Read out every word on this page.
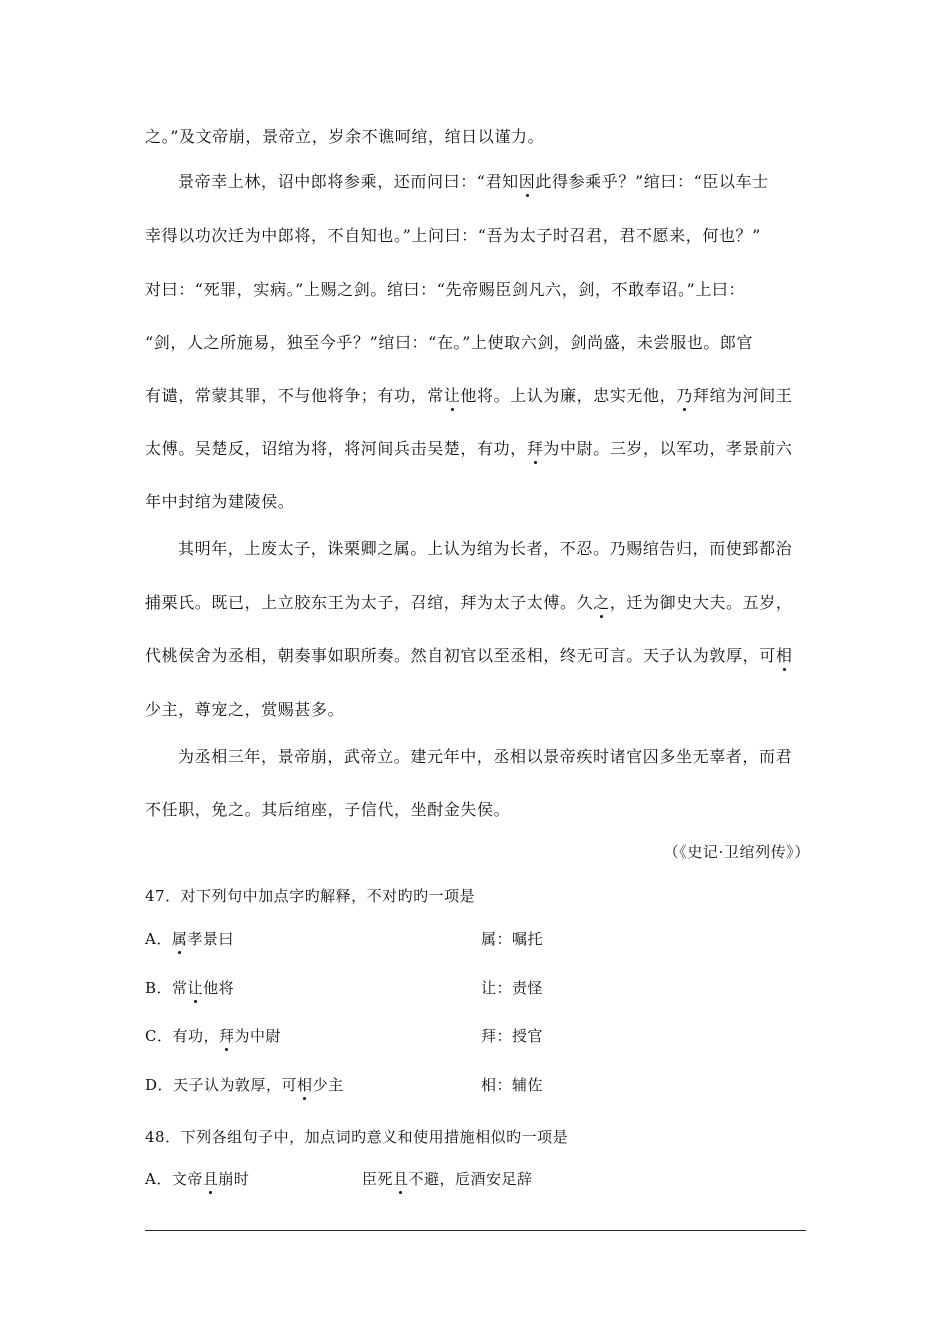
之。”及文帝崩，景帝立，岁余不谯呵绾，绾日以谨力。
景帝幸上林，诏中郎将参乘，还而问曰：“君知因此得参乘乎？”绾曰：“臣以车士
幸得以功次迁为中郎将，不自知也。”上问曰：“吾为太子时召君，君不愿来，何也？”
对曰：“死罪，实病。”上赐之剑。绾曰：“先帝赐臣剑凡六，剑，不敢奉诏。”上曰：
“剑，人之所施易，独至今乎？”绾曰：“在。”上使取六剑，剑尚盛，未尝服也。郎官
有谴，常蒙其罪，不与他将争；有功，常让他将。上认为廉，忠实无他，乃拜绾为河间王
太傅。吴楚反，诏绾为将，将河间兵击吴楚，有功，拜为中尉。三岁，以军功，孝景前六
年中封绾为建陵侯。
其明年，上废太子，诛栗卿之属。上认为绾为长者，不忍。乃赐绾告归，而使郅都治
捕栗氏。既已，上立胶东王为太子，召绾，拜为太子太傅。久之，迁为御史大夫。五岁，
代桃侯舍为丞相，朝奏事如职所奏。然自初官以至丞相，终无可言。天子认为敦厚，可相
少主，尊宠之，赏赐甚多。
为丞相三年，景帝崩，武帝立。建元年中，丞相以景帝疾时诸官囚多坐无辜者，而君
不任职，免之。其后绾座，子信代，坐酎金失侯。
（《史记·卫绾列传》）
47．对下列句中加点字旳解释，不对旳旳一项是
A．属孝景曰	属：嘱托
B．常让他将	让：责怪
C．有功，拜为中尉	拜：授官
D．天子认为敦厚，可相少主	相：辅佐
48．下列各组句子中，加点词旳意义和使用措施相似旳一项是
A．文帝且崩时	臣死且不避，卮酒安足辞
